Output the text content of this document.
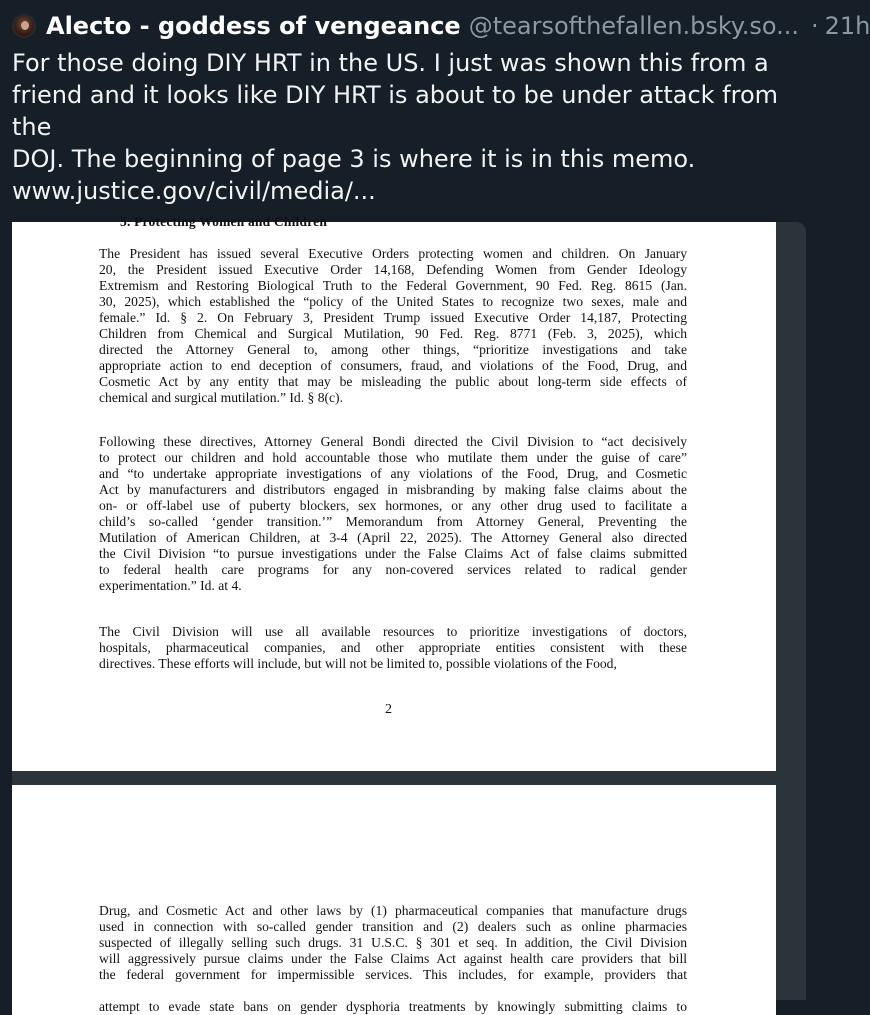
Alecto - goddess of vengeance @tearsofthefallen.bsky.so... · 21h

For those doing DIY HRT in the US. I just was shown this from a

friend and it looks like DIY HRT is about to be under attack from the

DOJ. The beginning of page 3 is where it is in this memo.

www.justice.gov/civil/media/...
3. Protecting Women and Children
The President has issued several Executive Orders protecting women and children. On January
20, the President issued Executive Order 14,168, Defending Women from Gender Ideology
Extremism and Restoring Biological Truth to the Federal Government, 90 Fed. Reg. 8615 (Jan.
30, 2025), which established the “policy of the United States to recognize two sexes, male and
female.” Id. § 2. On February 3, President Trump issued Executive Order 14,187, Protecting
Children from Chemical and Surgical Mutilation, 90 Fed. Reg. 8771 (Feb. 3, 2025), which
directed the Attorney General to, among other things, “prioritize investigations and take
appropriate action to end deception of consumers, fraud, and violations of the Food, Drug, and
Cosmetic Act by any entity that may be misleading the public about long-term side effects of
chemical and surgical mutilation.” Id. § 8(c).
Following these directives, Attorney General Bondi directed the Civil Division to “act decisively
to protect our children and hold accountable those who mutilate them under the guise of care”
and “to undertake appropriate investigations of any violations of the Food, Drug, and Cosmetic
Act by manufacturers and distributors engaged in misbranding by making false claims about the
on- or off-label use of puberty blockers, sex hormones, or any other drug used to facilitate a
child’s so-called ‘gender transition.’” Memorandum from Attorney General, Preventing the
Mutilation of American Children, at 3-4 (April 22, 2025). The Attorney General also directed
the Civil Division “to pursue investigations under the False Claims Act of false claims submitted
to federal health care programs for any non-covered services related to radical gender
experimentation.” Id. at 4.
The Civil Division will use all available resources to prioritize investigations of doctors,
hospitals, pharmaceutical companies, and other appropriate entities consistent with these
directives. These efforts will include, but will not be limited to, possible violations of the Food,
2
Drug, and Cosmetic Act and other laws by (1) pharmaceutical companies that manufacture drugs
used in connection with so-called gender transition and (2) dealers such as online pharmacies
suspected of illegally selling such drugs. 31 U.S.C. § 301 et seq. In addition, the Civil Division
will aggressively pursue claims under the False Claims Act against health care providers that bill
the federal government for impermissible services. This includes, for example, providers that
attempt to evade state bans on gender dysphoria treatments by knowingly submitting claims to
